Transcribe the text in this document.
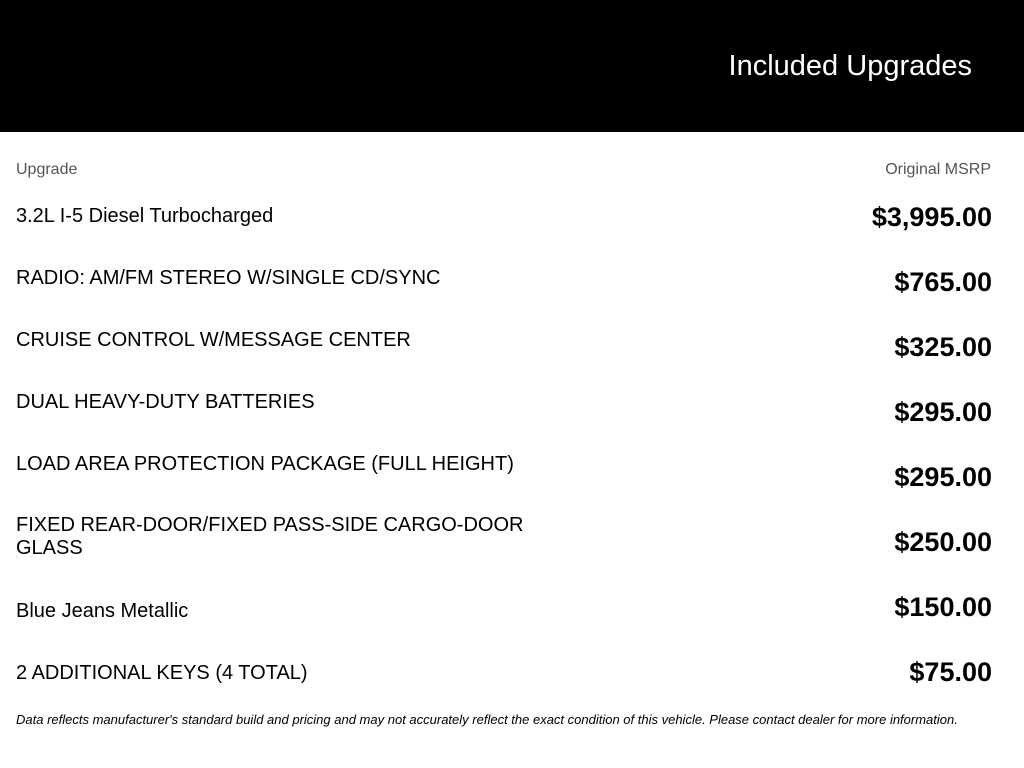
Included Upgrades
Upgrade	Original MSRP
3.2L I-5 Diesel Turbocharged	$3,995.00
RADIO: AM/FM STEREO W/SINGLE CD/SYNC	$765.00
CRUISE CONTROL W/MESSAGE CENTER	$325.00
DUAL HEAVY-DUTY BATTERIES	$295.00
LOAD AREA PROTECTION PACKAGE (FULL HEIGHT)	$295.00
FIXED REAR-DOOR/FIXED PASS-SIDE CARGO-DOOR GLASS	$250.00
Blue Jeans Metallic	$150.00
2 ADDITIONAL KEYS (4 TOTAL)	$75.00
Data reflects manufacturer's standard build and pricing and may not accurately reflect the exact condition of this vehicle. Please contact dealer for more information.
